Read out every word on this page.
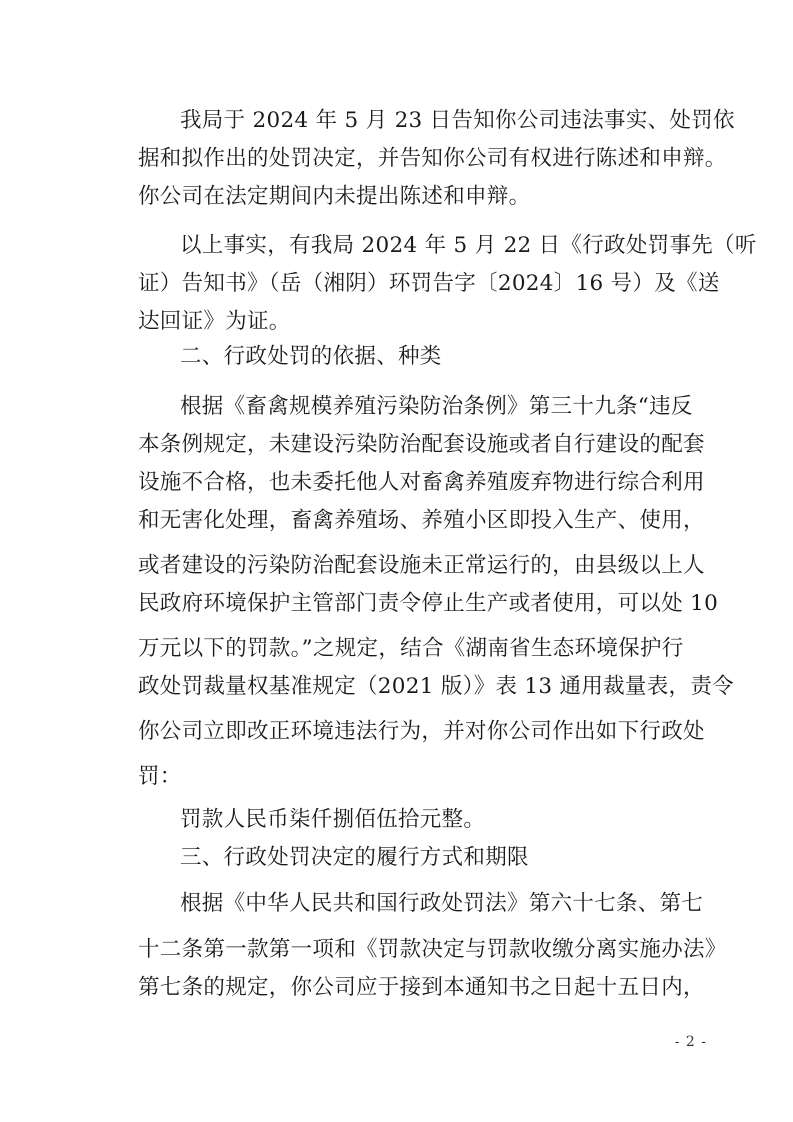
我局于 2024 年 5 月 23 日告知你公司违法事实、处罚依
据和拟作出的处罚决定，并告知你公司有权进行陈述和申辩。
你公司在法定期间内未提出陈述和申辩。
以上事实，有我局 2024 年 5 月 22 日《行政处罚事先（听
证）告知书》（岳（湘阴）环罚告字〔2024〕16 号）及《送
达回证》为证。
二、行政处罚的依据、种类
根据《畜禽规模养殖污染防治条例》第三十九条“违反
本条例规定，未建设污染防治配套设施或者自行建设的配套
设施不合格，也未委托他人对畜禽养殖废弃物进行综合利用
和无害化处理，畜禽养殖场、养殖小区即投入生产、使用，
或者建设的污染防治配套设施未正常运行的，由县级以上人
民政府环境保护主管部门责令停止生产或者使用，可以处 10
万元以下的罚款。”之规定，结合《湖南省生态环境保护行
政处罚裁量权基准规定（2021 版）》表 13 通用裁量表，责令
你公司立即改正环境违法行为，并对你公司作出如下行政处
罚：
罚款人民币柒仟捌佰伍拾元整。
三、行政处罚决定的履行方式和期限
根据《中华人民共和国行政处罚法》第六十七条、第七
十二条第一款第一项和《罚款决定与罚款收缴分离实施办法》
第七条的规定，你公司应于接到本通知书之日起十五日内，
- 2 -
